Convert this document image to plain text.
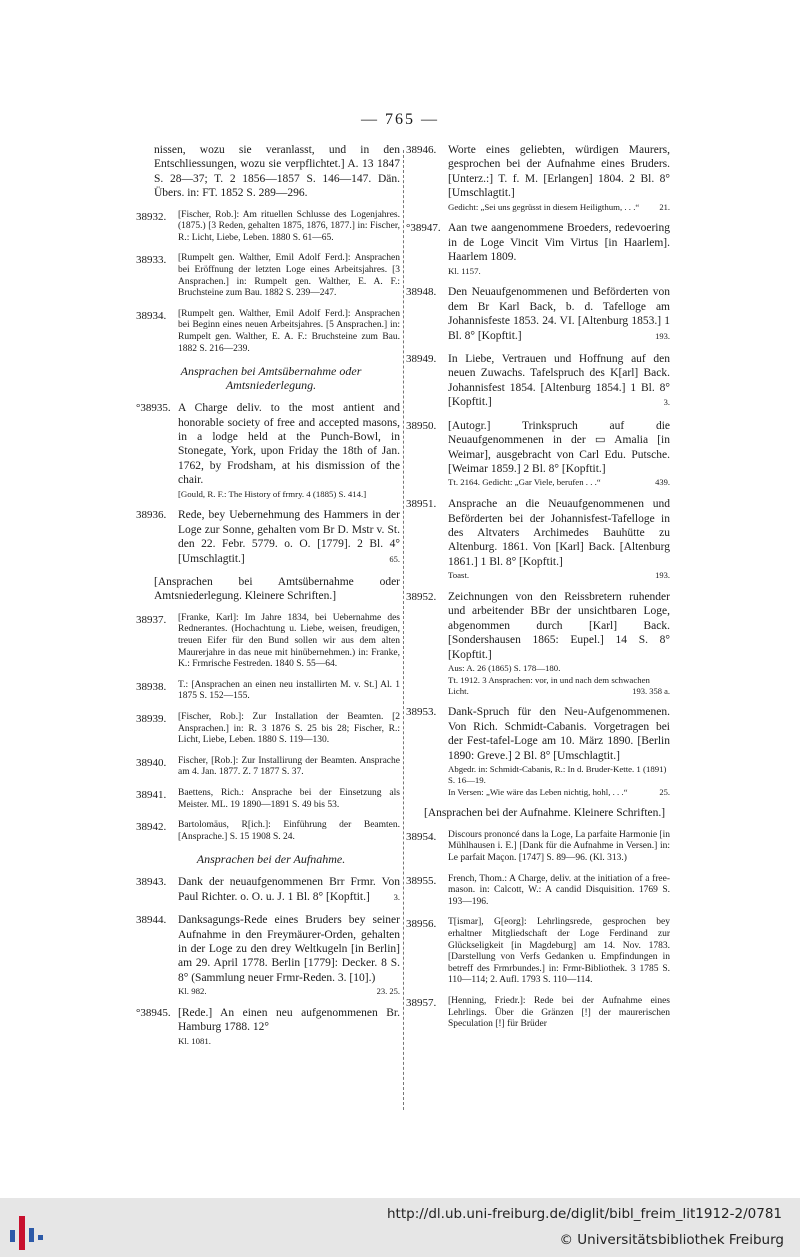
— 765 —
nissen, wozu sie veranlasst, und in den Entschliessungen, wozu sie verpflichtet.] A. 13 1847 S. 28—37; T. 2 1856—1857 S. 146—147. Dän. Übers. in: FT. 1852 S. 289—296.
38932.	[Fischer, Rob.]: Am rituellen Schlusse des Logenjahres. (1875.) [3 Reden, gehalten 1875, 1876, 1877.] in: Fischer, R.: Licht, Liebe, Leben. 1880 S. 61—65.
38933.	[Rumpelt gen. Walther, Emil Adolf Ferd.]: Ansprachen bei Eröffnung der letzten Loge eines Arbeitsjahres. [3 Ansprachen.] in: Rumpelt gen. Walther, E. A. F.: Bruchsteine zum Bau. 1882 S. 239—247.
38934.	[Rumpelt gen. Walther, Emil Adolf Ferd.]: Ansprachen bei Beginn eines neuen Arbeitsjahres. [5 Ansprachen.] in: Rumpelt gen. Walther, E. A. F.: Bruchsteine zum Bau. 1882 S. 216—239.
Ansprachen bei Amtsübernahme oder Amtsniederlegung.
°38935. A Charge deliv. to the most antient and honorable society of free and accepted masons, in a lodge held at the Punch-Bowl, in Stonegate, York, upon Friday the 18th of Jan. 1762, by Frodsham, at his dismission of the chair.
[Gould, R. F.: The History of frmry. 4 (1885) S. 414.]
38936.	Rede, bey Uebernehmung des Hammers in der Loge zur Sonne, gehalten vom Br D. Mstr v. St. den 22. Febr. 5779. o. O. [1779]. 2 Bl. 4° [Umschlagtit.]	65.
[Ansprachen bei Amtsübernahme oder Amtsniederlegung. Kleinere Schriften.]
38937.	[Franke, Karl]: Im Jahre 1834, bei Uebernahme des Rednerantes. (Hochachtung u. Liebe, weisen, freudigen, treuen Eifer für den Bund sollen wir aus dem alten Maurerjahre in das neue mit hinübernehmen.) in: Franke, K.: Frmrische Festreden. 1840 S. 55—64.
38938.	T.: [Ansprachen an einen neu installirten M. v. St.] Al. 1 1875 S. 152—155.
38939.	[Fischer, Rob.]: Zur Installation der Beamten. [2 Ansprachen.] in: R. 3 1876 S. 25 bis 28; Fischer, R.: Licht, Liebe, Leben. 1880 S. 119—130.
38940.	Fischer, [Rob.]: Zur Installirung der Beamten. Ansprache am 4. Jan. 1877. Z. 7 1877 S. 37.
38941.	Baettens, Rich.: Ansprache bei der Einsetzung als Meister. ML. 19 1890—1891 S. 49 bis 53.
38942.	Bartolomäus, R[ich.]: Einführung der Beamten. [Ansprache.] S. 15 1908 S. 24.
Ansprachen bei der Aufnahme.
38943.	Dank der neuaufgenommenen Brr Frmr. Von Paul Richter. o. O. u. J. 1 Bl. 8° [Kopftit.]	3.
38944.	Danksagungs-Rede eines Bruders bey seiner Aufnahme in den Freymäurer-Orden, gehalten in der Loge zu den drey Weltkugeln [in Berlin] am 29. April 1778. Berlin [1779]: Decker. 8 S. 8° (Sammlung neuer Frmr-Reden. 3. [10].)
Kl. 982.	23. 25.
°38945. [Rede.] An einen neu aufgenommenen Br. Hamburg 1788. 12°
Kl. 1081.
38946.	Worte eines geliebten, würdigen Maurers, gesprochen bei der Aufnahme eines Bruders. [Unterz.:] T. f. M. [Erlangen] 1804. 2 Bl. 8° [Umschlagtit.]
Gedicht: „Sei uns gegrüsst in diesem Heiligthum, . . .“ 21.
°38947. Aan twe aangenommene Broeders, redevoering in de Loge Vincit Vim Virtus [in Haarlem]. Haarlem 1809.
Kl. 1157.
38948.	Den Neuaufgenommenen und Beförderten von dem Br Karl Back, b. d. Tafelloge am Johannisfeste 1853. 24. VI. [Altenburg 1853.] 1 Bl. 8° [Kopftit.]	193.
38949.	In Liebe, Vertrauen und Hoffnung auf den neuen Zuwachs. Tafelspruch des K[arl] Back. Johannisfest 1854. [Altenburg 1854.] 1 Bl. 8° [Kopftit.]	3.
38950.	[Autogr.] Trinkspruch auf die Neuaufgenommenen in der ▭ Amalia [in Weimar], ausgebracht von Carl Edu. Putsche. [Weimar 1859.] 2 Bl. 8° [Kopftit.]
Tt. 2164. Gedicht: „Gar Viele, berufen . . .“	439.
38951.	Ansprache an die Neuaufgenommenen und Beförderten bei der Johannisfest-Tafelloge in des Altvaters Archimedes Bauhütte zu Altenburg. 1861. Von [Karl] Back. [Altenburg 1861.] 1 Bl. 8° [Kopftit.]
Toast.	193.
38952.	Zeichnungen von den Reissbretern ruhender und arbeitender BBr der unsichtbaren Loge, abgenommen durch [Karl] Back. [Sondershausen 1865: Eupel.] 14 S. 8° [Kopftit.]
Aus: A. 26 (1865) S. 178—180.
Tt. 1912. 3 Ansprachen: vor, in und nach dem schwachen Licht.	193. 358 a.
38953.	Dank-Spruch für den Neu-Aufgenommenen. Von Rich. Schmidt-Cabanis. Vorgetragen bei der Fest-tafel-Loge am 10. März 1890. [Berlin 1890: Greve.] 2 Bl. 8° [Umschlagtit.]
Abgedr. in: Schmidt-Cabanis, R.: In d. Bruder-Kette. 1 (1891) S. 16—19.
In Versen: „Wie wäre das Leben nichtig, hohl, . . .“	25.
[Ansprachen bei der Aufnahme. Kleinere Schriften.]
38954.	Discours prononcé dans la Loge, La parfaite Harmonie [in Mühlhausen i. E.] [Dank für die Aufnahme in Versen.] in: Le parfait Maçon. [1747] S. 89—96. (Kl. 313.)
38955.	French, Thom.: A Charge, deliv. at the initiation of a free-mason. in: Calcott, W.: A candid Disquisition. 1769 S. 193—196.
38956.	T[ismar], G[eorg]: Lehrlingsrede, gesprochen bey erhaltner Mitgliedschaft der Loge Ferdinand zur Glückseligkeit [in Magdeburg] am 14. Nov. 1783. [Darstellung von Verfs Gedanken u. Empfindungen in betreff des Frmrbundes.] in: Frmr-Bibliothek. 3 1785 S. 110—114; 2. Aufl. 1793 S. 110—114.
38957.	[Henning, Friedr.]: Rede bei der Aufnahme eines Lehrlings. Über die Gränzen [!] der maurerischen Speculation [!] für Brüder
http://dl.ub.uni-freiburg.de/diglit/bibl_freim_lit1912-2/0781
© Universitätsbibliothek Freiburg
